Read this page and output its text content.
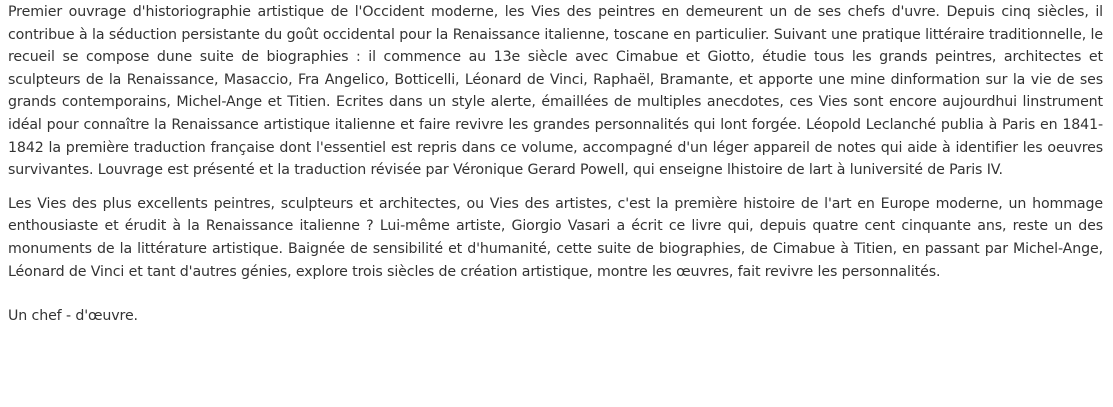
Premier ouvrage d'historiographie artistique de l'Occident moderne, les Vies des peintres en demeurent un de ses chefs d'uvre. Depuis cinq siècles, il contribue à la séduction persistante du goût occidental pour la Renaissance italienne, toscane en particulier. Suivant une pratique littéraire traditionnelle, le recueil se compose dune suite de biographies : il commence au 13e siècle avec Cimabue et Giotto, étudie tous les grands peintres, architectes et sculpteurs de la Renaissance, Masaccio, Fra Angelico, Botticelli, Léonard de Vinci, Raphaël, Bramante, et apporte une mine dinformation sur la vie de ses grands contemporains, Michel-Ange et Titien. Ecrites dans un style alerte, émaillées de multiples anecdotes, ces Vies sont encore aujourdhui linstrument idéal pour connaître la Renaissance artistique italienne et faire revivre les grandes personnalités qui lont forgée. Léopold Leclanché publia à Paris en 1841-1842 la première traduction française dont l'essentiel est repris dans ce volume, accompagné d'un léger appareil de notes qui aide à identifier les oeuvres survivantes. Louvrage est présenté et la traduction révisée par Véronique Gerard Powell, qui enseigne lhistoire de lart à luniversité de Paris IV.

Les Vies des plus excellents peintres, sculpteurs et architectes, ou Vies des artistes, c'est la première histoire de l'art en Europe moderne, un hommage enthousiaste et érudit à la Renaissance italienne ? Lui-même artiste, Giorgio Vasari a écrit ce livre qui, depuis quatre cent cinquante ans, reste un des monuments de la littérature artistique. Baignée de sensibilité et d'humanité, cette suite de biographies, de Cimabue à Titien, en passant par Michel-Ange, Léonard de Vinci et tant d'autres génies, explore trois siècles de création artistique, montre les œuvres, fait revivre les personnalités.

Un chef - d'œuvre.
